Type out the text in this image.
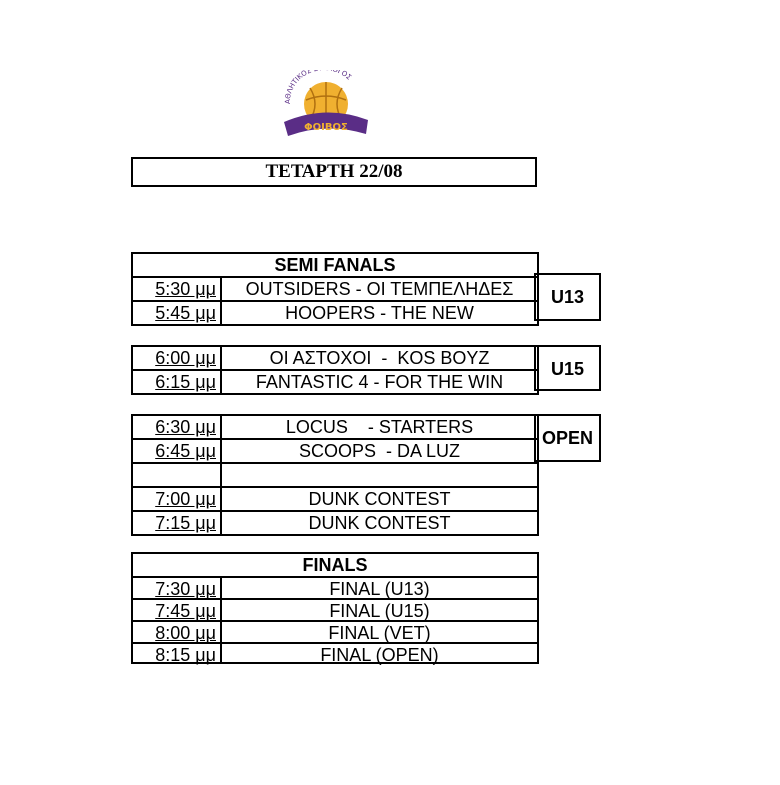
ΑΘΛΗΤΙΚΟΣ ΓΟΣ
ΦΟΙΒΟΣ
ΤΕΤΑΡΤΗ 22/08
SEMI FANALS
5:30 μμ	OUTSIDERS - ΟΙ ΤΕΜΠΕΛΗΔΕΣ
5:45 μμ	HOOPERS - THE NEW
U13
6:00 μμ	ΟΙ ΑΣΤΟΧΟΙ  -  KOS BOYZ
6:15 μμ	FANTASTIC 4 - FOR THE WIN
U15
6:30 μμ	LOCUS    - STARTERS
6:45 μμ	SCOOPS  - DA LUZ
7:00 μμ	DUNK CONTEST
7:15 μμ	DUNK CONTEST
OPEN
FINALS
7:30 μμ	FINAL (U13)
7:45 μμ	FINAL (U15)
8:00 μμ	FINAL (VET)
8:15 μμ	FINAL (OPEN)
